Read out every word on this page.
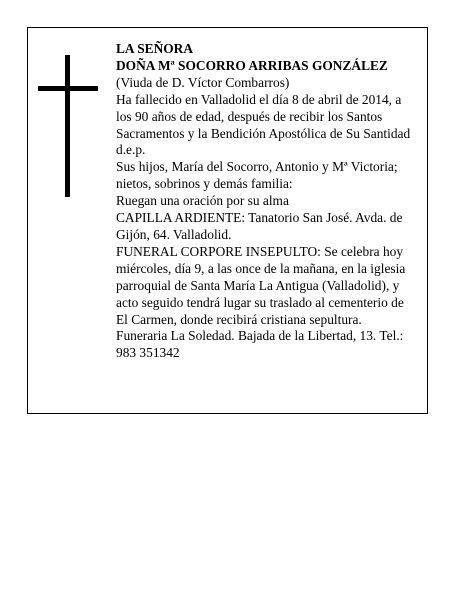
LA SEÑORA

DOÑA Mª SOCORRO ARRIBAS GONZÁLEZ

(Viuda de D. Víctor Combarros)

Ha fallecido en Valladolid el día 8 de abril de 2014, a los 90 años de edad, después de recibir los Santos Sacramentos y la Bendición Apostólica de Su Santidad d.e.p.

Sus hijos, María del Socorro, Antonio y Mª Victoria; nietos, sobrinos y demás familia:

Ruegan una oración por su alma

CAPILLA ARDIENTE: Tanatorio San José. Avda. de Gijón, 64. Valladolid.

FUNERAL CORPORE INSEPULTO: Se celebra hoy miércoles, día 9, a las once de la mañana, en la iglesia parroquial de Santa María La Antigua (Valladolid), y acto seguido tendrá lugar su traslado al cementerio de El Carmen, donde recibirá cristiana sepultura.

Funeraria La Soledad. Bajada de la Libertad, 13. Tel.: 983 351342
